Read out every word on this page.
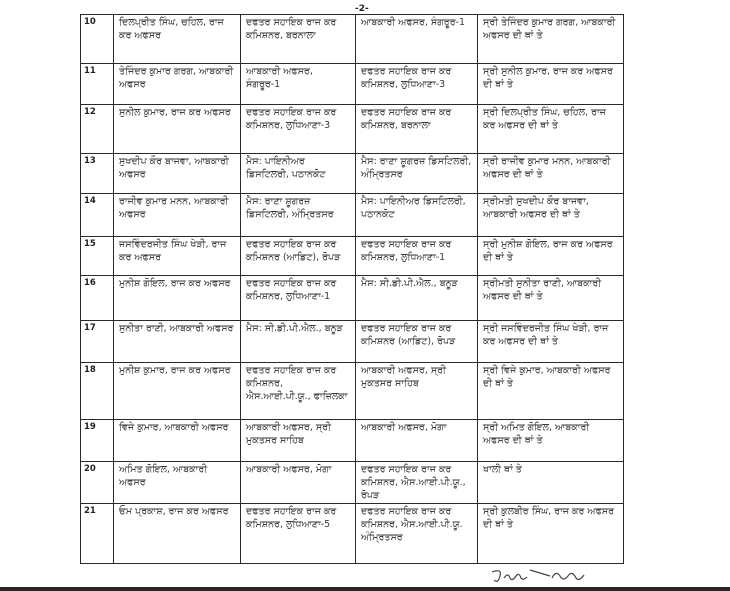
-2-
10	ਦਿਲਪ੍ਰੀਤ ਸਿੰਘ, ਚਹਿਲ, ਰਾਜ ਕਰ ਅਫਸਰ	ਦਫਤਰ ਸਹਾਇਕ ਰਾਜ ਕਰ ਕਮਿਸ਼ਨਰ, ਬਰਨਾਲਾ	ਆਬਕਾਰੀ ਅਫਸਰ, ਸੰਗਰੂਰ-1	ਸ੍ਰੀ ਤੇਜਿੰਦਰ ਕੁਮਾਰ ਗਰਗ, ਆਬਕਾਰੀ ਅਫਸਰ ਦੀ ਥਾਂ ਤੇ
11	ਤੇਜਿੰਦਰ ਕੁਮਾਰ ਗਰਗ, ਆਬਕਾਰੀ ਅਫਸਰ	ਆਬਕਾਰੀ ਅਫਸਰ, ਸੰਗਰੂਰ-1	ਦਫਤਰ ਸਹਾਇਕ ਰਾਜ ਕਰ ਕਮਿਸ਼ਨਰ, ਲੁਧਿਆਣਾ-3	ਸ੍ਰੀ ਸੁਨੀਲ ਕੁਮਾਰ, ਰਾਜ ਕਰ ਅਫਸਰ ਦੀ ਥਾਂ ਤੇ
12	ਸੁਨੀਲ ਕੁਮਾਰ, ਰਾਜ ਕਰ ਅਫਸਰ	ਦਫਤਰ ਸਹਾਇਕ ਰਾਜ ਕਰ ਕਮਿਸ਼ਨਰ, ਲੁਧਿਆਣਾ-3	ਦਫਤਰ ਸਹਾਇਕ ਰਾਜ ਕਰ ਕਮਿਸ਼ਨਰ, ਬਰਨਾਲਾ	ਸ੍ਰੀ ਦਿਲਪ੍ਰੀਤ ਸਿੰਘ, ਚਹਿਲ, ਰਾਜ ਕਰ ਅਫਸਰ ਦੀ ਥਾਂ ਤੇ
13	ਸੁਖਦੀਪ ਕੌਰ ਬਾਜਵਾ, ਆਬਕਾਰੀ ਅਫਸਰ	ਮੈਸ: ਪਾਇਨੀਅਰ ਡਿਸਟਿਲਰੀ, ਪਠਾਨਕੋਟ	ਮੈਸ: ਰਾਣਾ ਸ਼ੂਗਰਜ਼ ਡਿਸਟਿਲਰੀ, ਅੰਮ੍ਰਿਤਸਰ	ਸ੍ਰੀ ਰਾਜੀਵ ਕੁਮਾਰ ਮਨਨ, ਆਬਕਾਰੀ ਅਫਸਰ ਦੀ ਥਾਂ ਤੇ
14	ਰਾਜੀਵ ਕੁਮਾਰ ਮਨਨ, ਆਬਕਾਰੀ ਅਫਸਰ	ਮੈਸ: ਰਾਣਾ ਸ਼ੂਗਰਜ਼ ਡਿਸਟਿਲਰੀ, ਅੰਮ੍ਰਿਤਸਰ	ਮੈਸ: ਪਾਇਨੀਅਰ ਡਿਸਟਿਲਰੀ, ਪਠਾਨਕੋਟ	ਸ੍ਰੀਮਤੀ ਸੁਖਦੀਪ ਕੌਰ ਬਾਜਵਾ, ਆਬਕਾਰੀ ਅਫਸਰ ਦੀ ਥਾਂ ਤੇ
15	ਜਸਵਿੰਦਰਜੀਤ ਸਿੰਘ ਖੇੜੀ, ਰਾਜ ਕਰ ਅਫਸਰ	ਦਫਤਰ ਸਹਾਇਕ ਰਾਜ ਕਰ ਕਮਿਸ਼ਨਰ (ਆਡਿਟ), ਰੋਪੜ	ਦਫਤਰ ਸਹਾਇਕ ਰਾਜ ਕਰ ਕਮਿਸ਼ਨਰ, ਲੁਧਿਆਣਾ-1	ਸ੍ਰੀ ਮੁਨੀਸ਼ ਗੋਇਲ, ਰਾਜ ਕਰ ਅਫਸਰ ਦੀ ਥਾਂ ਤੇ
16	ਮੁਨੀਸ਼ ਗੋਇਲ, ਰਾਜ ਕਰ ਅਫਸਰ	ਦਫਤਰ ਸਹਾਇਕ ਰਾਜ ਕਰ ਕਮਿਸ਼ਨਰ, ਲੁਧਿਆਣਾ-1	ਮੈਸ: ਸੀ.ਡੀ.ਪੀ.ਐਲ., ਬਨੂੜ	ਸ੍ਰੀਮਤੀ ਸੁਨੀਤਾ ਰਾਣੀ, ਆਬਕਾਰੀ ਅਫਸਰ ਦੀ ਥਾਂ ਤੇ
17	ਸੁਨੀਤਾ ਰਾਣੀ, ਆਬਕਾਰੀ ਅਫਸਰ	ਮੈਸ: ਸੀ.ਡੀ.ਪੀ.ਐਲ., ਬਨੂੜ	ਦਫਤਰ ਸਹਾਇਕ ਰਾਜ ਕਰ ਕਮਿਸ਼ਨਰ (ਆਡਿਟ), ਰੋਪੜ	ਸ੍ਰੀ ਜਸਵਿੰਦਰਜੀਤ ਸਿੰਘ ਖੇੜੀ, ਰਾਜ ਕਰ ਅਫਸਰ ਦੀ ਥਾਂ ਤੇ
18	ਮੁਨੀਸ਼ ਕੁਮਾਰ, ਰਾਜ ਕਰ ਅਫਸਰ	ਦਫਤਰ ਸਹਾਇਕ ਰਾਜ ਕਰ ਕਮਿਸ਼ਨਰ, ਐਸ.ਆਈ.ਪੀ.ਯੂ., ਫਾਜ਼ਿਲਕਾ	ਆਬਕਾਰੀ ਅਫਸਰ, ਸ੍ਰੀ ਮੁਕਤਸਰ ਸਾਹਿਬ	ਸ੍ਰੀ ਵਿਜੇ ਕੁਮਾਰ, ਆਬਕਾਰੀ ਅਫਸਰ ਦੀ ਥਾਂ ਤੇ
19	ਵਿਜੇ ਕੁਮਾਰ, ਆਬਕਾਰੀ ਅਫਸਰ	ਆਬਕਾਰੀ ਅਫਸਰ, ਸ੍ਰੀ ਮੁਕਤਸਰ ਸਾਹਿਬ	ਆਬਕਾਰੀ ਅਫਸਰ, ਮੋਗਾ	ਸ੍ਰੀ ਅਮਿਤ ਗੋਇਲ, ਆਬਕਾਰੀ ਅਫਸਰ ਦੀ ਥਾਂ ਤੇ
20	ਅਮਿਤ ਗੋਇਲ, ਆਬਕਾਰੀ ਅਫਸਰ	ਆਬਕਾਰੀ ਅਫਸਰ, ਮੋਗਾ	ਦਫਤਰ ਸਹਾਇਕ ਰਾਜ ਕਰ ਕਮਿਸ਼ਨਰ, ਐਸ.ਆਈ.ਪੀ.ਯੂ., ਰੋਪੜ	ਖਾਲੀ ਥਾਂ ਤੇ
21	ਓਮ ਪ੍ਰਕਾਸ਼, ਰਾਜ ਕਰ ਅਫਸਰ	ਦਫਤਰ ਸਹਾਇਕ ਰਾਜ ਕਰ ਕਮਿਸ਼ਨਰ, ਲੁਧਿਆਣਾ-5	ਦਫਤਰ ਸਹਾਇਕ ਰਾਜ ਕਰ ਕਮਿਸ਼ਨਰ, ਐਸ.ਆਈ.ਪੀ.ਯੂ. ਅੰਮ੍ਰਿਤਸਰ	ਸ੍ਰੀ ਕੁਲਬੀਰ ਸਿੰਘ, ਰਾਜ ਕਰ ਅਫਸਰ ਦੀ ਥਾਂ ਤੇ
